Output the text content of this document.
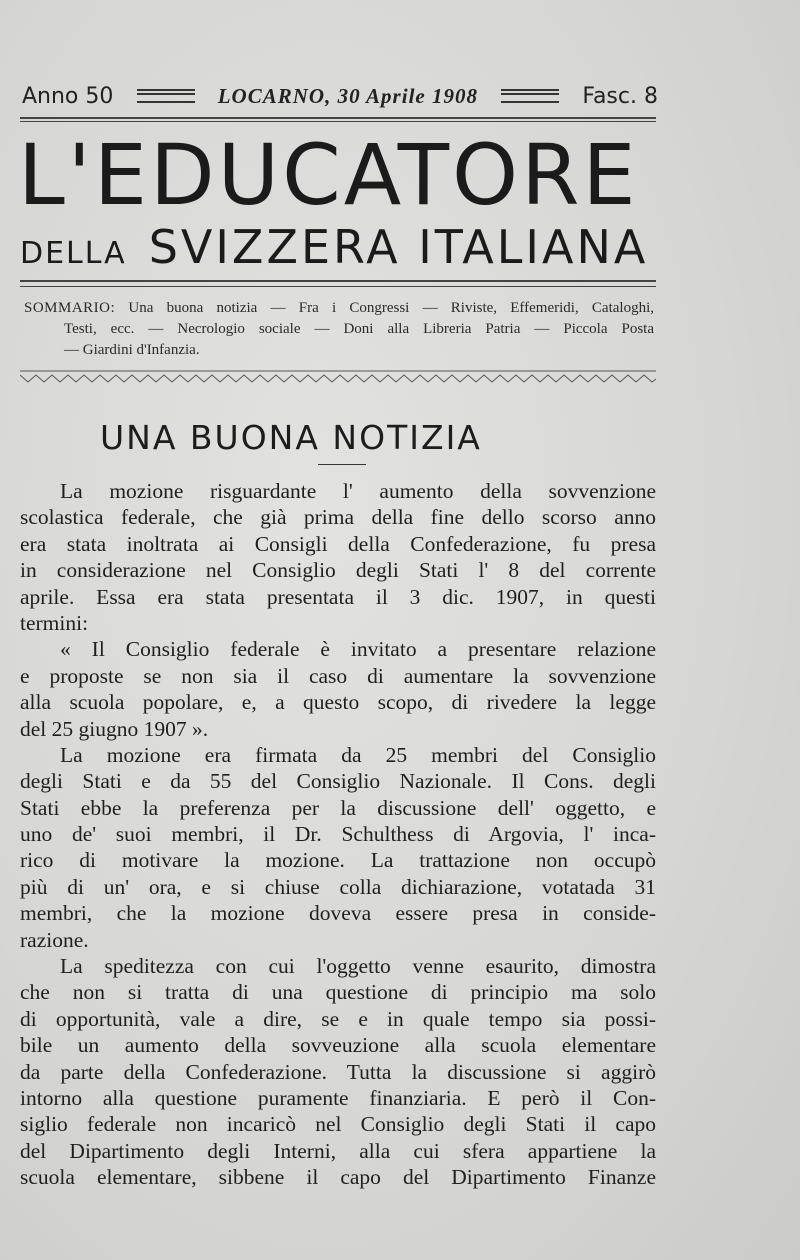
Anno 50	LOCARNO, 30 Aprile 1908	Fasc. 8
L'EDUCATORE
DELLA SVIZZERA ITALIANA
SOMMARIO: Una buona notizia — Fra i Congressi — Riviste, Effemeridi, Cataloghi,
Testi, ecc. — Necrologio sociale — Doni alla Libreria Patria — Piccola Posta
— Giardini d'Infanzia.
UNA BUONA NOTIZIA
La mozione risguardante l' aumento della sovvenzione
scolastica federale, che già prima della fine dello scorso anno
era stata inoltrata ai Consigli della Confederazione, fu presa
in considerazione nel Consiglio degli Stati l' 8 del corrente
aprile. Essa era stata presentata il 3 dic. 1907, in questi
termini:
« Il Consiglio federale è invitato a presentare relazione
e proposte se non sia il caso di aumentare la sovvenzione
alla scuola popolare, e, a questo scopo, di rivedere la legge
del 25 giugno 1907 ».
La mozione era firmata da 25 membri del Consiglio
degli Stati e da 55 del Consiglio Nazionale. Il Cons. degli
Stati ebbe la preferenza per la discussione dell' oggetto, e
uno de' suoi membri, il Dr. Schulthess di Argovia, l' inca-
rico di motivare la mozione. La trattazione non occupò
più di un' ora, e si chiuse colla dichiarazione, votatada 31
membri, che la mozione doveva essere presa in conside-
razione.
La speditezza con cui l'oggetto venne esaurito, dimostra
che non si tratta di una questione di principio ma solo
di opportunità, vale a dire, se e in quale tempo sia possi-
bile un aumento della sovveuzione alla scuola elementare
da parte della Confederazione. Tutta la discussione si aggirò
intorno alla questione puramente finanziaria. E però il Con-
siglio federale non incaricò nel Consiglio degli Stati il capo
del Dipartimento degli Interni, alla cui sfera appartiene la
scuola elementare, sibbene il capo del Dipartimento Finanze
